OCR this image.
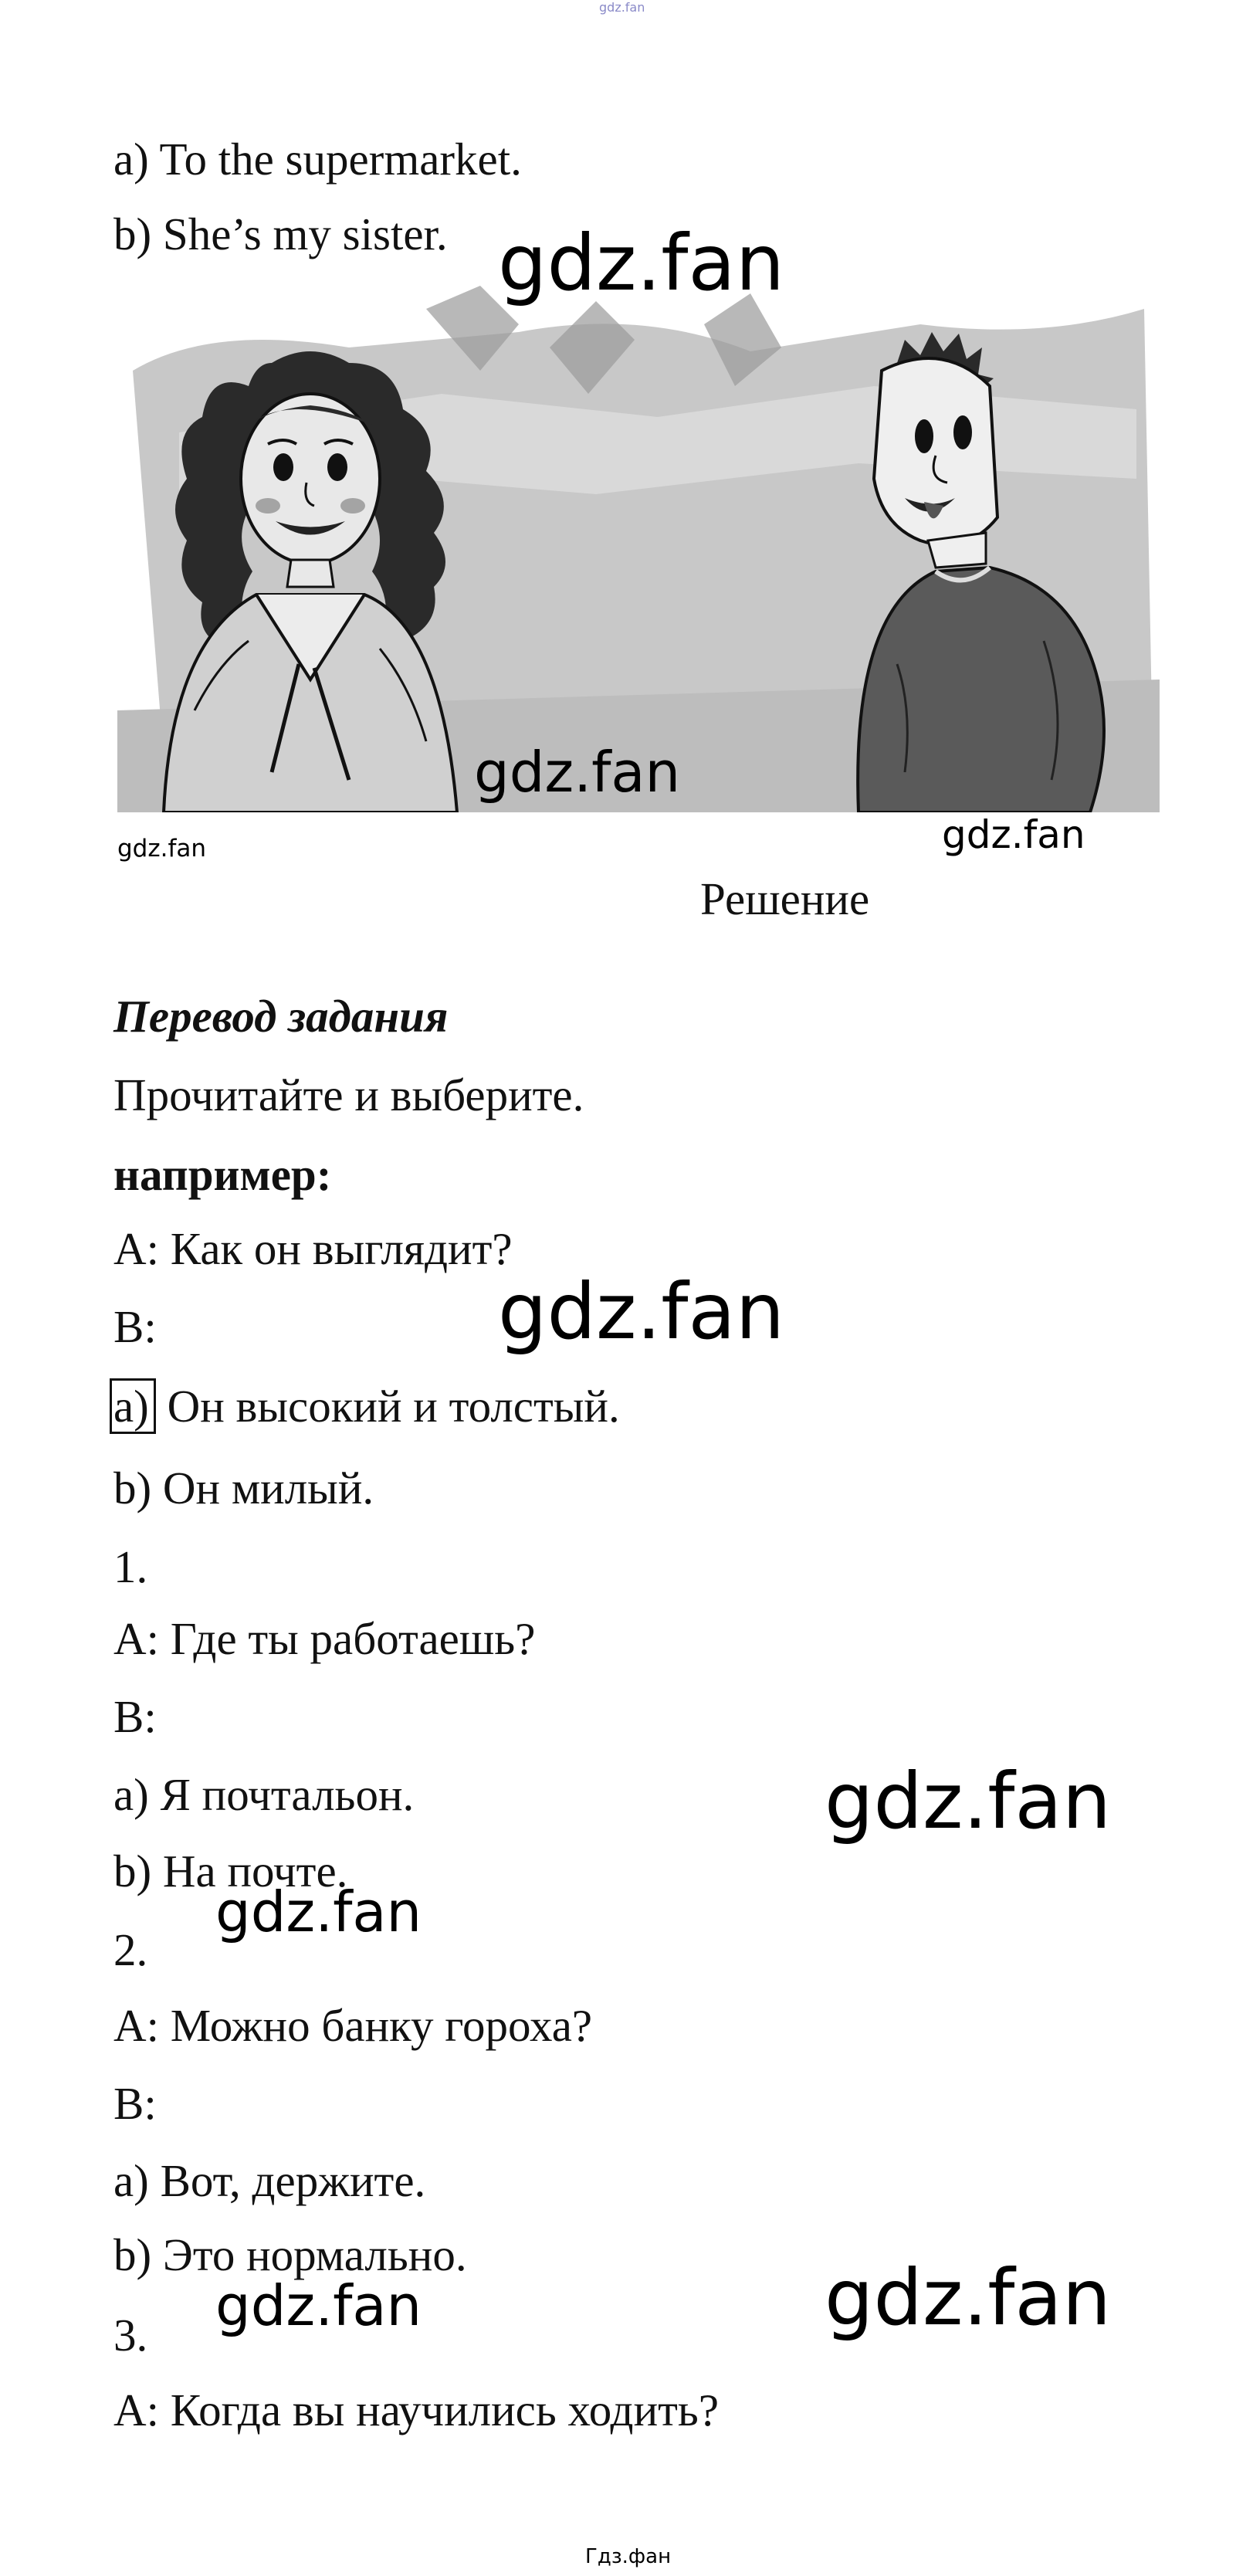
gdz.fan
a) To the supermarket.
b) She’s my sister. gdz.fan
gdz.fan
gdz.fan	gdz.fan
Решение
Перевод задания
Прочитайте и выберите.
например:
A: Как он выглядит?
gdz.fan
B:
a) Он высокий и толстый.
b) Он милый.
1.
A: Где ты работаешь?
B:
a) Я почтальон.	gdz.fan
b) На почте.
gdz.fan
2.
A: Можно банку гороха?
B:
a) Вот, держите.
b) Это нормально.	gdz.fan
gdz.fan
3.
A: Когда вы научились ходить?
Гдз.фан
